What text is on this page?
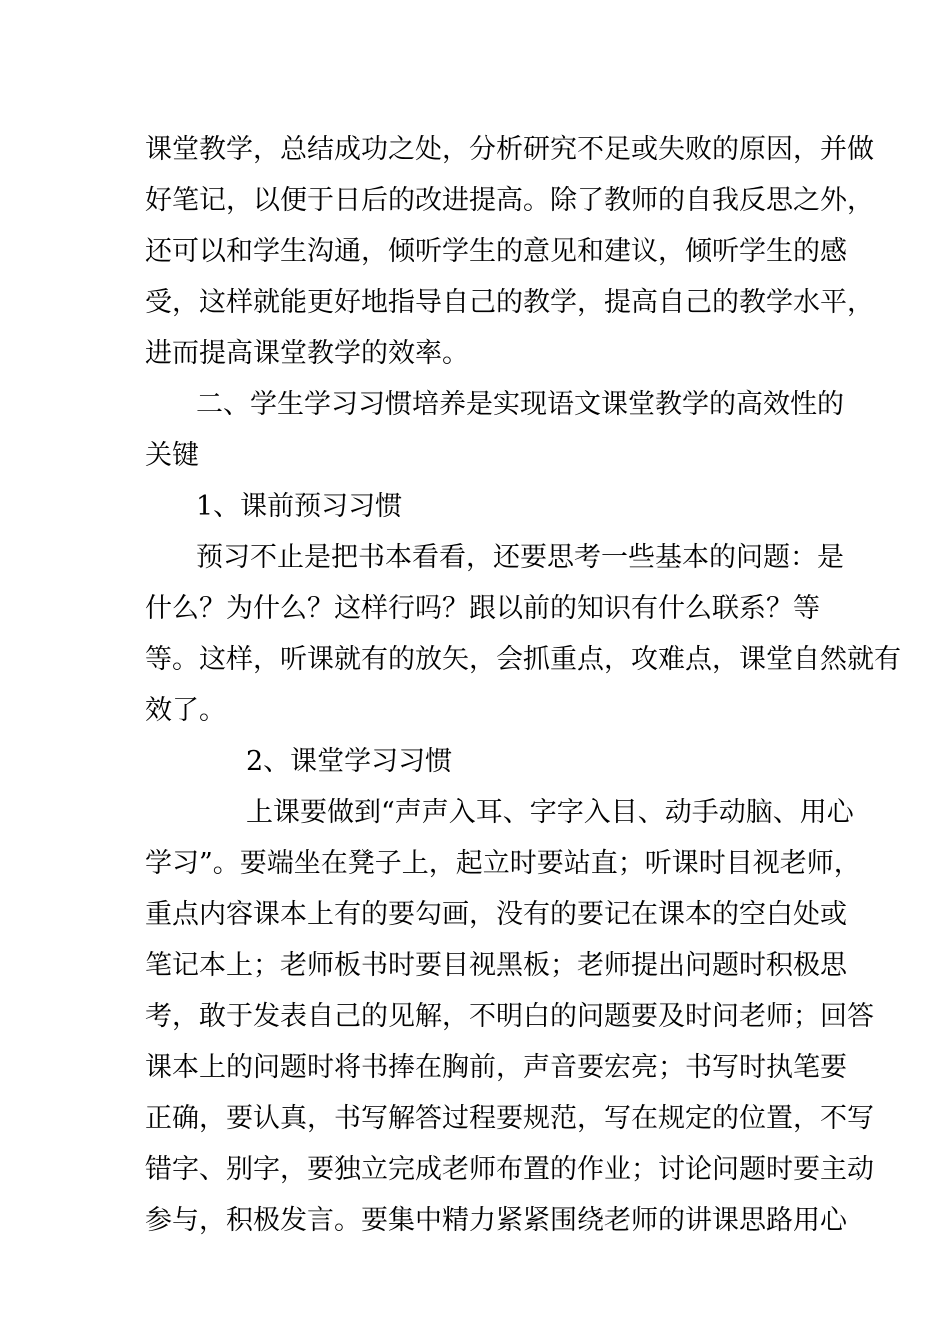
课堂教学，总结成功之处，分析研究不足或失败的原因，并做
好笔记，以便于日后的改进提高。除了教师的自我反思之外，
还可以和学生沟通，倾听学生的意见和建议，倾听学生的感
受，这样就能更好地指导自己的教学，提高自己的教学水平，
进而提高课堂教学的效率。
二、学生学习习惯培养是实现语文课堂教学的高效性的
关键
1、课前预习习惯
预习不止是把书本看看，还要思考一些基本的问题：是
什么？为什么？这样行吗？跟以前的知识有什么联系？等
等。这样，听课就有的放矢，会抓重点，攻难点，课堂自然就有
效了。
2、课堂学习习惯
上课要做到“声声入耳、字字入目、动手动脑、用心
学习”。要端坐在凳子上，起立时要站直；听课时目视老师，
重点内容课本上有的要勾画，没有的要记在课本的空白处或
笔记本上；老师板书时要目视黑板；老师提出问题时积极思
考，敢于发表自己的见解，不明白的问题要及时问老师；回答
课本上的问题时将书捧在胸前，声音要宏亮；书写时执笔要
正确，要认真，书写解答过程要规范，写在规定的位置，不写
错字、别字，要独立完成老师布置的作业；讨论问题时要主动
参与，积极发言。要集中精力紧紧围绕老师的讲课思路用心
